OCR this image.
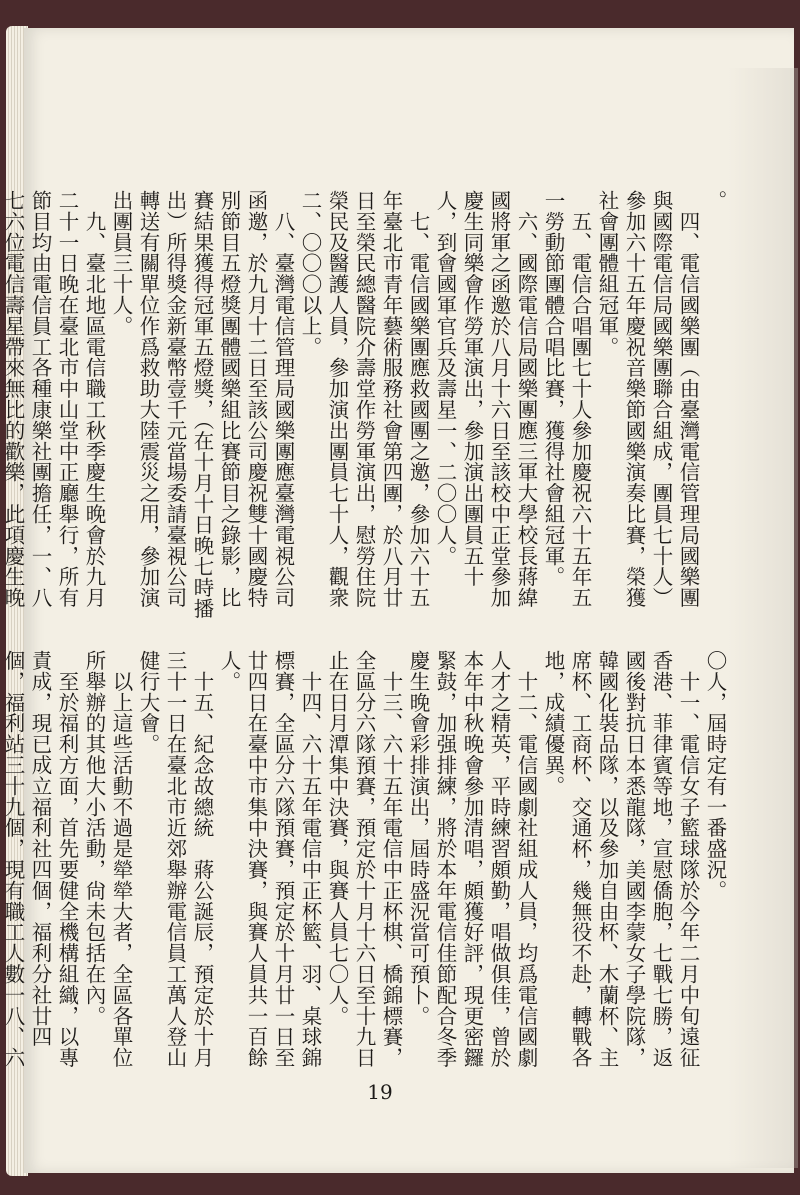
。
　四、電信國樂團（由臺灣電信管理局國樂團與國際電信局國樂團聯合組成，團員七十人）參加六十五年慶祝音樂節國樂演奏比賽，榮獲社會團體組冠軍。
　五、電信合唱團七十人參加慶祝六十五年五一勞動節團體合唱比賽，獲得社會組冠軍。
　六、國際電信局國樂團應三軍大學校長蔣緯國將軍之函邀於八月十六日至該校中正堂參加慶生同樂會作勞軍演出，參加演出團員五十人，到會國軍官兵及壽星一、二〇〇人。
　七、電信國樂團應救國團之邀，參加六十五年臺北市青年藝術服務社會第四團，於八月廿日至榮民總醫院介壽堂作勞軍演出，慰勞住院榮民及醫護人員，參加演出團員七十人，觀衆二、〇〇〇以上。
　八、臺灣電信管理局國樂團應臺灣電視公司函邀，於九月十二日至該公司慶祝雙十國慶特別節目五燈獎團體國樂組比賽節目之錄影，比賽結果獲得冠軍五燈獎，（在十月十日晚七時播出）所得獎金新臺幣壹千元當場委請臺視公司轉送有關單位作爲救助大陸震災之用，參加演出團員三十人。
　九、臺北地區電信職工秋季慶生晚會於九月二十一日晚在臺北市中山堂中正廳舉行，所有節目均由電信員工各種康樂社團擔任，一、八七六位電信壽星帶來無比的歡樂，此項慶生晚

〇人，屆時定有一番盛況。
　十一、電信女子籃球隊於今年二月中旬遠征香港、菲律賓等地，宣慰僑胞，七戰七勝，返國後對抗日本悉龍隊，美國李蒙女子學院隊，韓國化裝品隊，以及參加自由杯、木蘭杯、主席杯、工商杯、交通杯，幾無役不赴，轉戰各地，成績優異。
　十二、電信國劇社組成人員，均爲電信國劇人才之精英，平時練習頗勤，唱做俱佳，曾於本年中秋晚會參加清唱，頗獲好評，現更密鑼緊鼓，加强排練，將於本年電信佳節配合冬季慶生晚會彩排演出，屆時盛況當可預卜。
　十三、六十五年電信中正杯棋、橋錦標賽，全區分六隊預賽，預定於十月十六日至十九日止在日月潭集中決賽，與賽人員七〇人。
　十四、六十五年電信中正杯籃、羽、桌球錦標賽，全區分六隊預賽，預定於十月廿一日至廿四日在臺中市集中決賽，與賽人員共一百餘人。
　十五、紀念故總統　蔣公誕辰，預定於十月三十一日在臺北市近郊舉辦電信員工萬人登山健行大會。
　以上這些活動不過是犖犖大者，全區各單位所舉辦的其他大小活動，尙未包括在內。
　至於福利方面，首先要健全機構組織，以專責成，現已成立福利社四個，福利分社廿四個，福利站三十九個，現有職工人數一八、六
19
